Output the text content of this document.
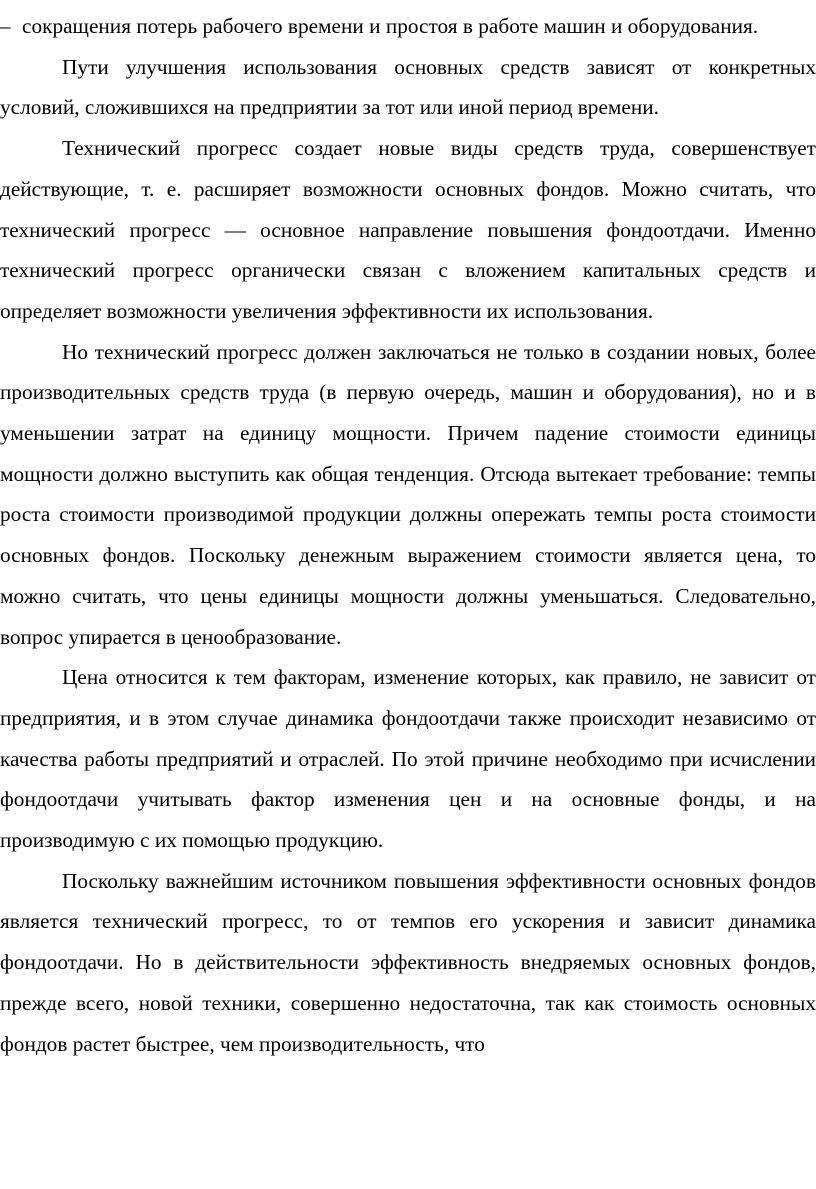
– сокращения потерь рабочего времени и простоя в работе машин и оборудования.

Пути улучшения использования основных средств зависят от конкретных условий, сложившихся на предприятии за тот или иной период времени.

Технический прогресс создает новые виды средств труда, совершенствует действующие, т. е. расширяет возможности основных фондов. Можно считать, что технический прогресс — основное направление повышения фондоотдачи. Именно технический прогресс органически связан с вложением капитальных средств и определяет возможности увеличения эффективности их использования.

Но технический прогресс должен заключаться не только в создании новых, более производительных средств труда (в первую очередь, машин и оборудования), но и в уменьшении затрат на единицу мощности. Причем падение стоимости единицы мощности должно выступить как общая тенденция. Отсюда вытекает требование: темпы роста стоимости производимой продукции должны опережать темпы роста стоимости основных фондов. Поскольку денежным выражением стоимости является цена, то можно считать, что цены единицы мощности должны уменьшаться. Следовательно, вопрос упирается в ценообразование.

Цена относится к тем факторам, изменение которых, как правило, не зависит от предприятия, и в этом случае динамика фондоотдачи также происходит независимо от качества работы предприятий и отраслей. По этой причине необходимо при исчислении фондоотдачи учитывать фактор изменения цен и на основные фонды, и на производимую с их помощью продукцию.

Поскольку важнейшим источником повышения эффективности основных фондов является технический прогресс, то от темпов его ускорения и зависит динамика фондоотдачи. Но в действительности эффективность внедряемых основных фондов, прежде всего, новой техники, совершенно недостаточна, так как стоимость основных фондов растет быстрее, чем производительность, что
